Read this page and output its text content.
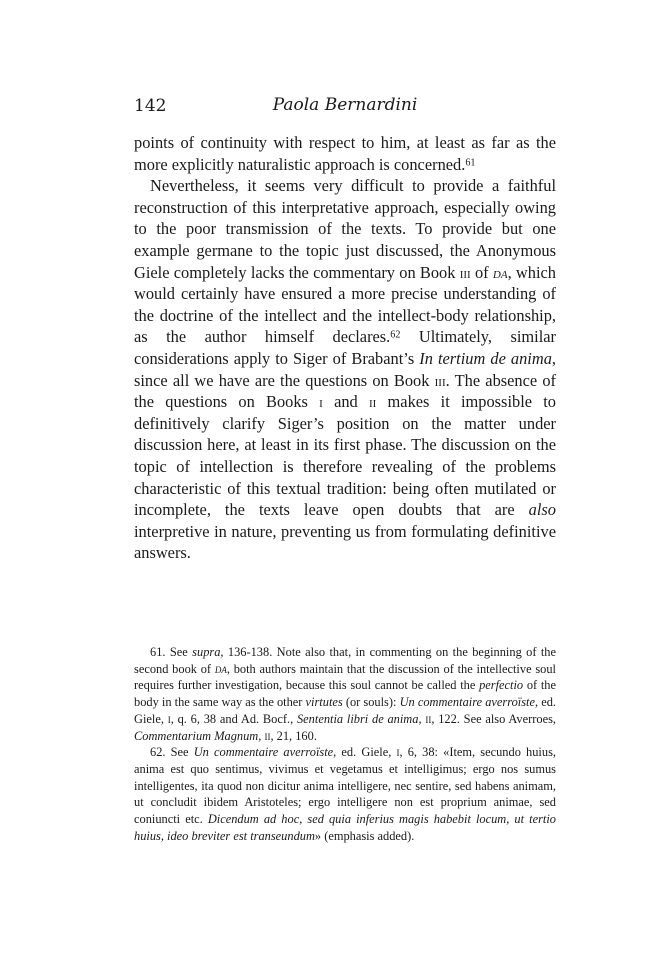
142	Paola Bernardini

points of continuity with respect to him, at least as far as the more explicitly naturalistic approach is concerned.$^{61}$

Nevertheless, it seems very difficult to provide a faithful reconstruction of this interpretative approach, especially owing to the poor transmission of the texts. To provide but one example germane to the topic just discussed, the Anonymous Giele completely lacks the commentary on Book iii of da, which would certainly have ensured a more precise understanding of the doctrine of the intellect and the intellect-body relationship, as the author himself declares.$^{62}$ Ultimately, similar considerations apply to Siger of Brabant’s In tertium de anima, since all we have are the questions on Book iii. The absence of the questions on Books i and ii makes it impossible to definitively clarify Siger’s position on the matter under discussion here, at least in its first phase. The discussion on the topic of intellection is therefore revealing of the problems characteristic of this textual tradition: being often mutilated or incomplete, the texts leave open doubts that are also interpretive in nature, preventing us from formulating definitive answers.

61. See supra, 136-138. Note also that, in commenting on the beginning of the second book of da, both authors maintain that the discussion of the intellective soul requires further investigation, because this soul cannot be called the perfectio of the body in the same way as the other virtutes (or souls): Un commentaire averroïste, ed. Giele, i, q. 6, 38 and Ad. Bocf., Sententia libri de anima, ii, 122. See also Averroes, Commentarium Magnum, ii, 21, 160.

62. See Un commentaire averroïste, ed. Giele, i, 6, 38: «Item, secundo huius, anima est quo sentimus, vivimus et vegetamus et intelligimus; ergo nos sumus intelligentes, ita quod non dicitur anima intelligere, nec sentire, sed habens animam, ut concludit ibidem Aristoteles; ergo intelligere non est proprium animae, sed coniuncti etc. Dicendum ad hoc, sed quia inferius magis habebit locum, ut tertio huius, ideo breviter est transeundum» (emphasis added).
